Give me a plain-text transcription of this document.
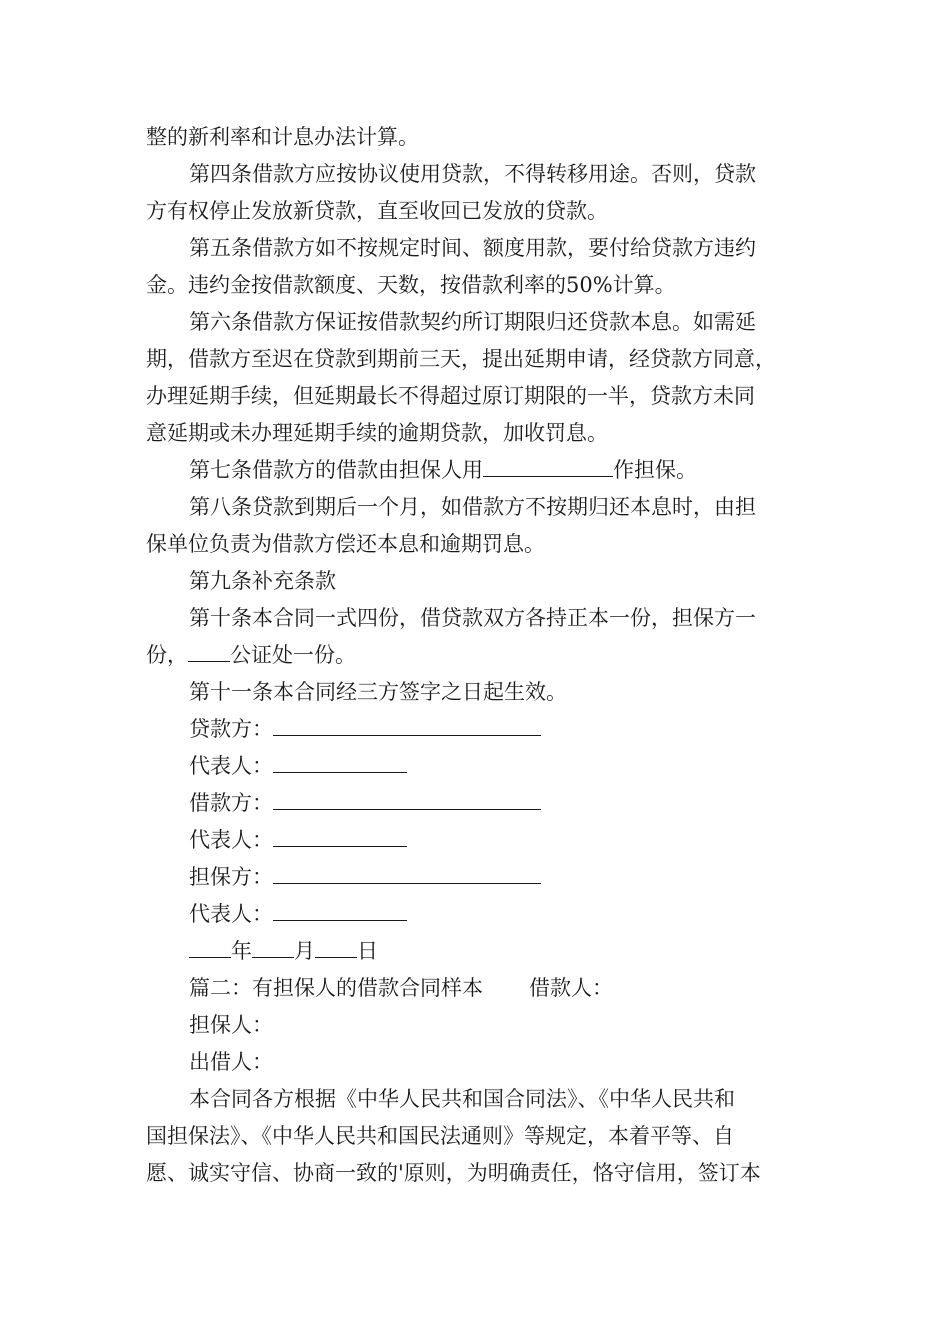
整的新利率和计息办法计算。
第四条借款方应按协议使用贷款，不得转移用途。否则，贷款
方有权停止发放新贷款，直至收回已发放的贷款。
第五条借款方如不按规定时间、额度用款，要付给贷款方违约
金。违约金按借款额度、天数，按借款利率的50%计算。
第六条借款方保证按借款契约所订期限归还贷款本息。如需延
期，借款方至迟在贷款到期前三天，提出延期申请，经贷款方同意，
办理延期手续，但延期最长不得超过原订期限的一半，贷款方未同
意延期或未办理延期手续的逾期贷款，加收罚息。
第七条借款方的借款由担保人用	作担保。
第八条贷款到期后一个月，如借款方不按期归还本息时，由担
保单位负责为借款方偿还本息和逾期罚息。
第九条补充条款
第十条本合同一式四份，借贷款双方各持正本一份，担保方一
份， 公证处一份。
第十一条本合同经三方签字之日起生效。
贷款方：
代表人：
借款方：
代表人：
担保方：
代表人：
年 月 日
篇二：有担保人的借款合同样本 借款人：
担保人：
出借人：
本合同各方根据《中华人民共和国合同法》、《中华人民共和
国担保法》、《中华人民共和国民法通则》等规定，本着平等、自
愿、诚实守信、协商一致的'原则，为明确责任，恪守信用，签订本
